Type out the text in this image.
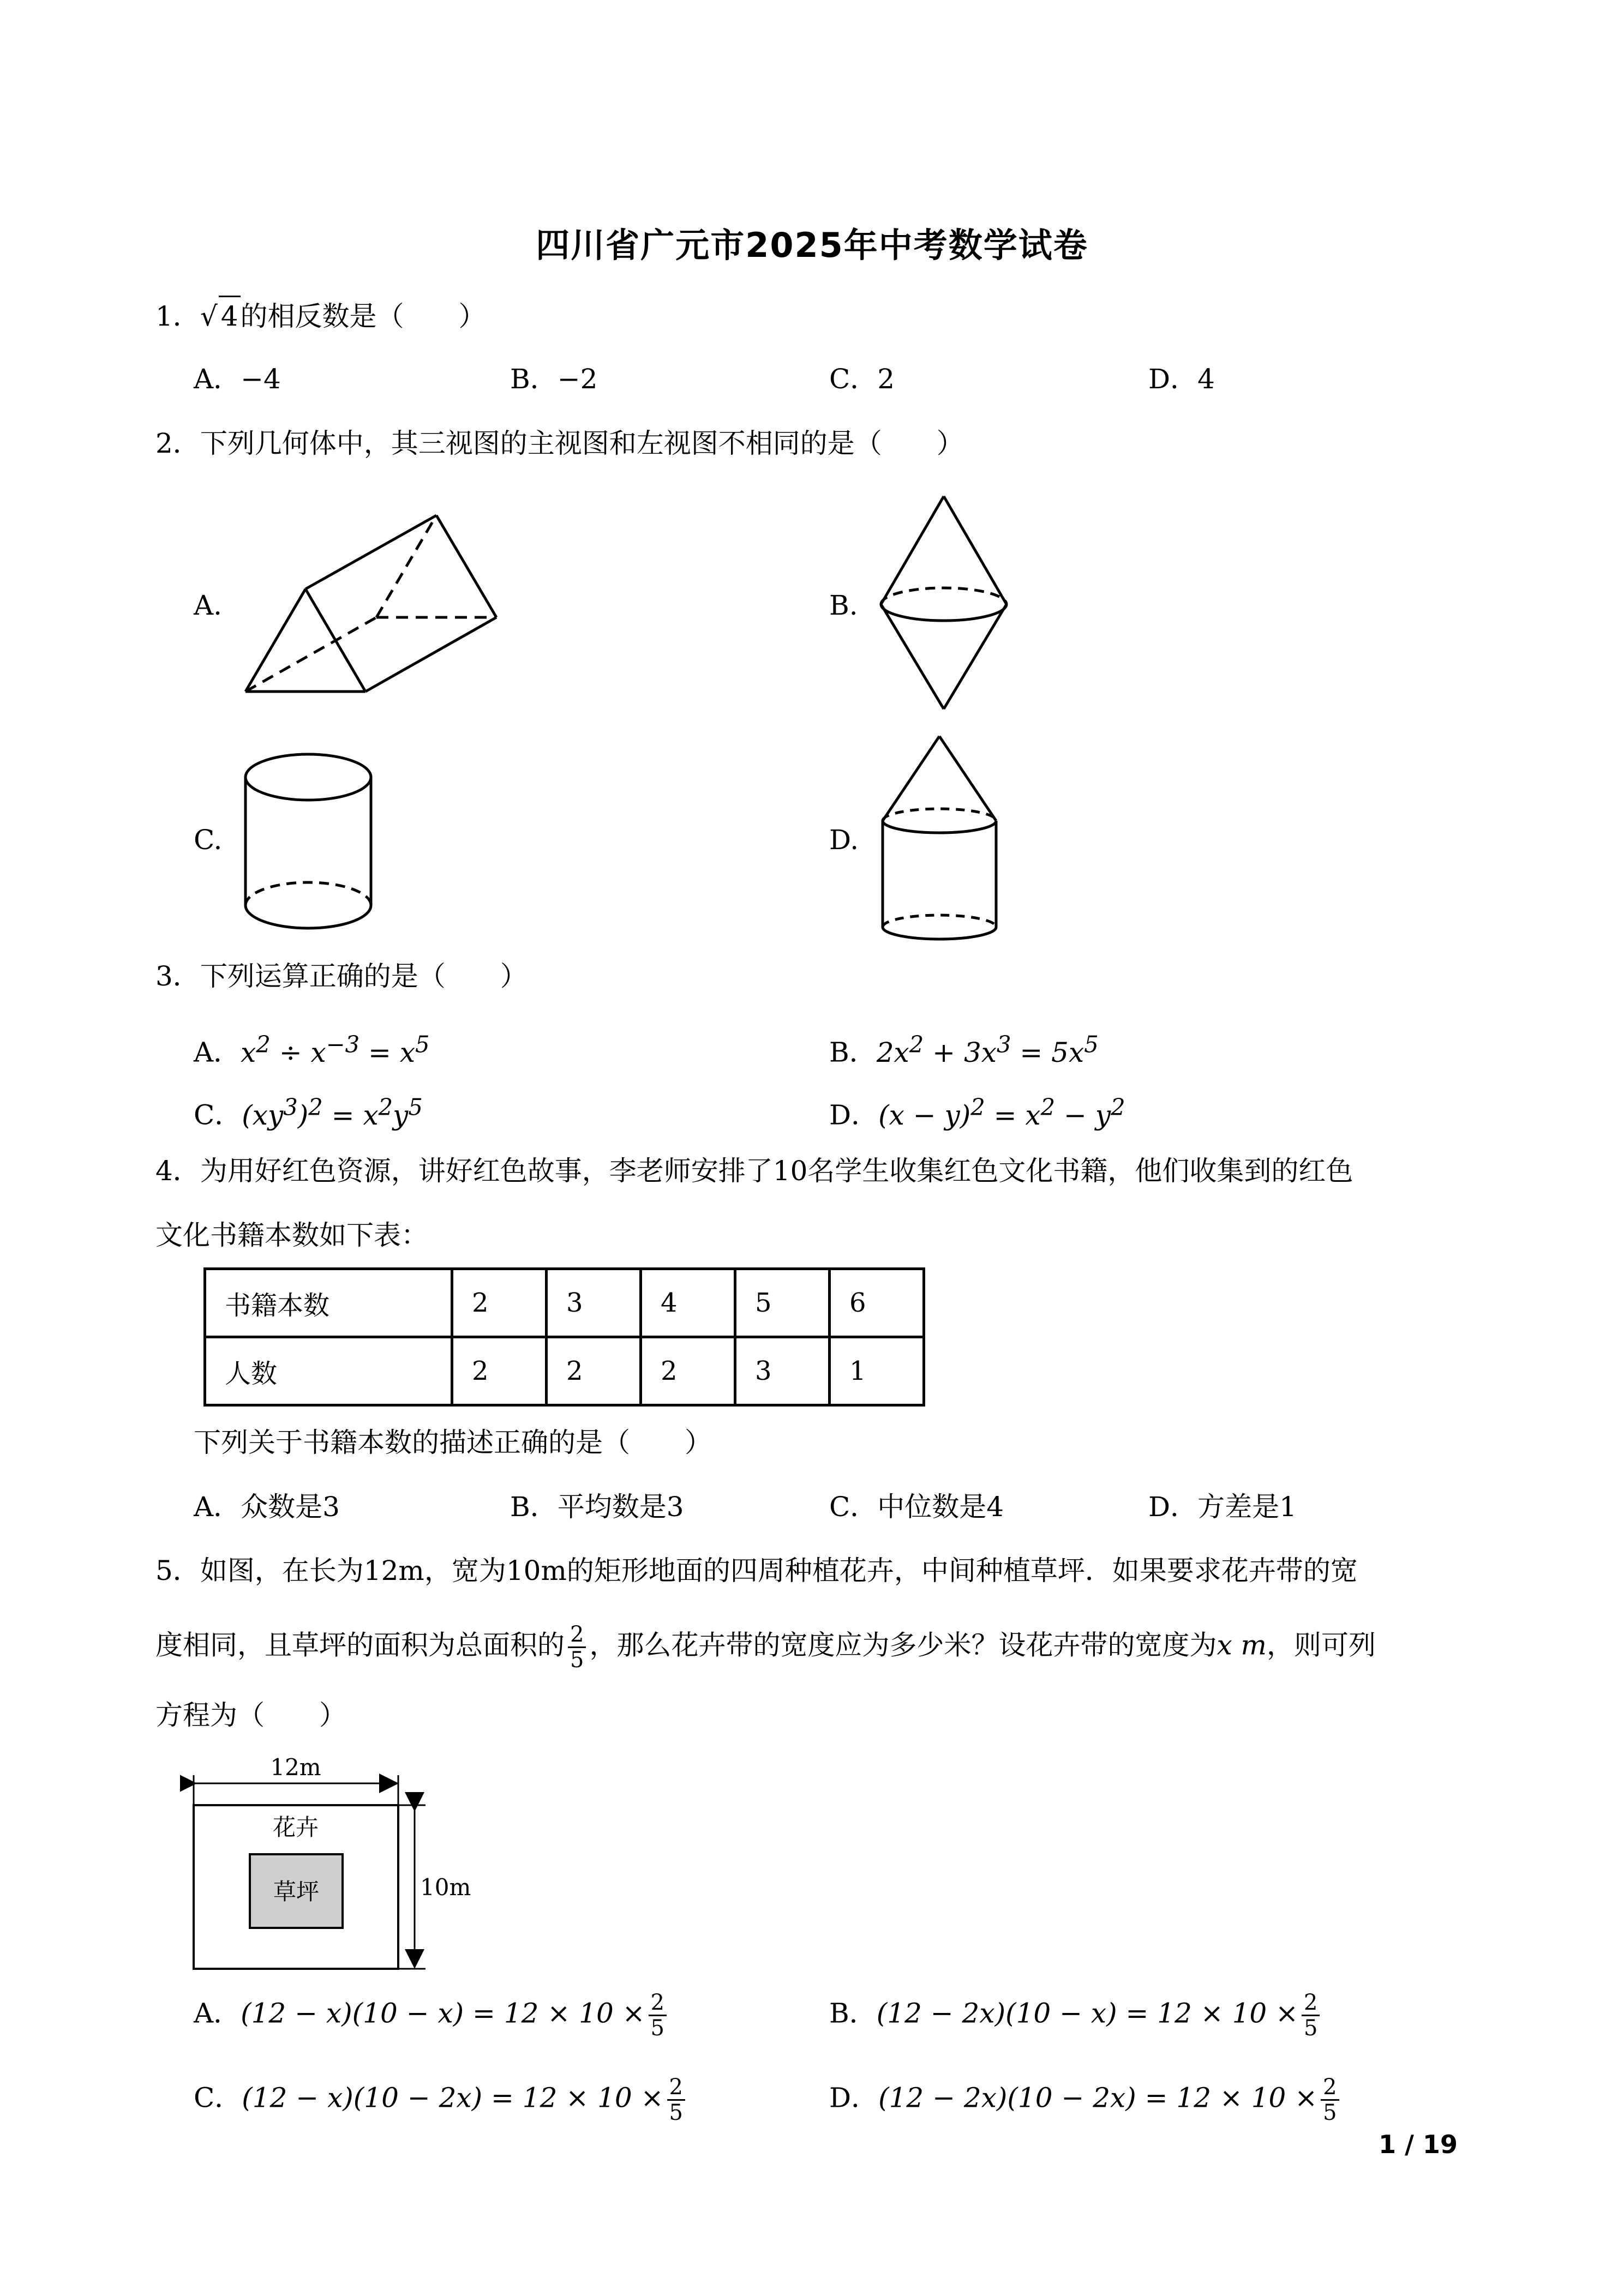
四川省广元市2025年中考数学试卷
1．√ 4的相反数是（　　）
A．−4	B．−2	C．2	D．4
2．下列几何体中，其三视图的主视图和左视图不相同的是（　　）
A.	B.
C.	D.
3．下列运算正确的是（　　）
A．$x^2 \div x^{-3} = x^5$	B．$2x^2 + 3x^3 = 5x^5$
C．$(xy^3)^2 = x^2y^5$	D．$(x - y)^2 = x^2 - y^2$
4．为用好红色资源，讲好红色故事，李老师安排了10名学生收集红色文化书籍，他们收集到的红色
文化书籍本数如下表：
书籍本数	2	3	4	5	6
人数	2	2	2	3	1
下列关于书籍本数的描述正确的是（　　）
A．众数是3	B．平均数是3	C．中位数是4	D．方差是1
5．如图，在长为12m，宽为10m的矩形地面的四周种植花卉，中间种植草坪．如果要求花卉带的宽
度相同，且草坪的面积为总面积的 $\frac{2}{5}$ ，那么花卉带的宽度应为多少米？设花卉带的宽度为x m，则可列
方程为（　　）
12m
花卉
草坪	10m
A．$(12 - x)(10 - x) = 12 \times 10 \times \frac{2}{5}$	B．$(12 - 2x)(10 - x) = 12 \times 10 \times \frac{2}{5}$
C．$(12 - x)(10 - 2x) = 12 \times 10 \times \frac{2}{5}$	D．$(12 - 2x)(10 - 2x) = 12 \times 10 \times \frac{2}{5}$
1 / 19
